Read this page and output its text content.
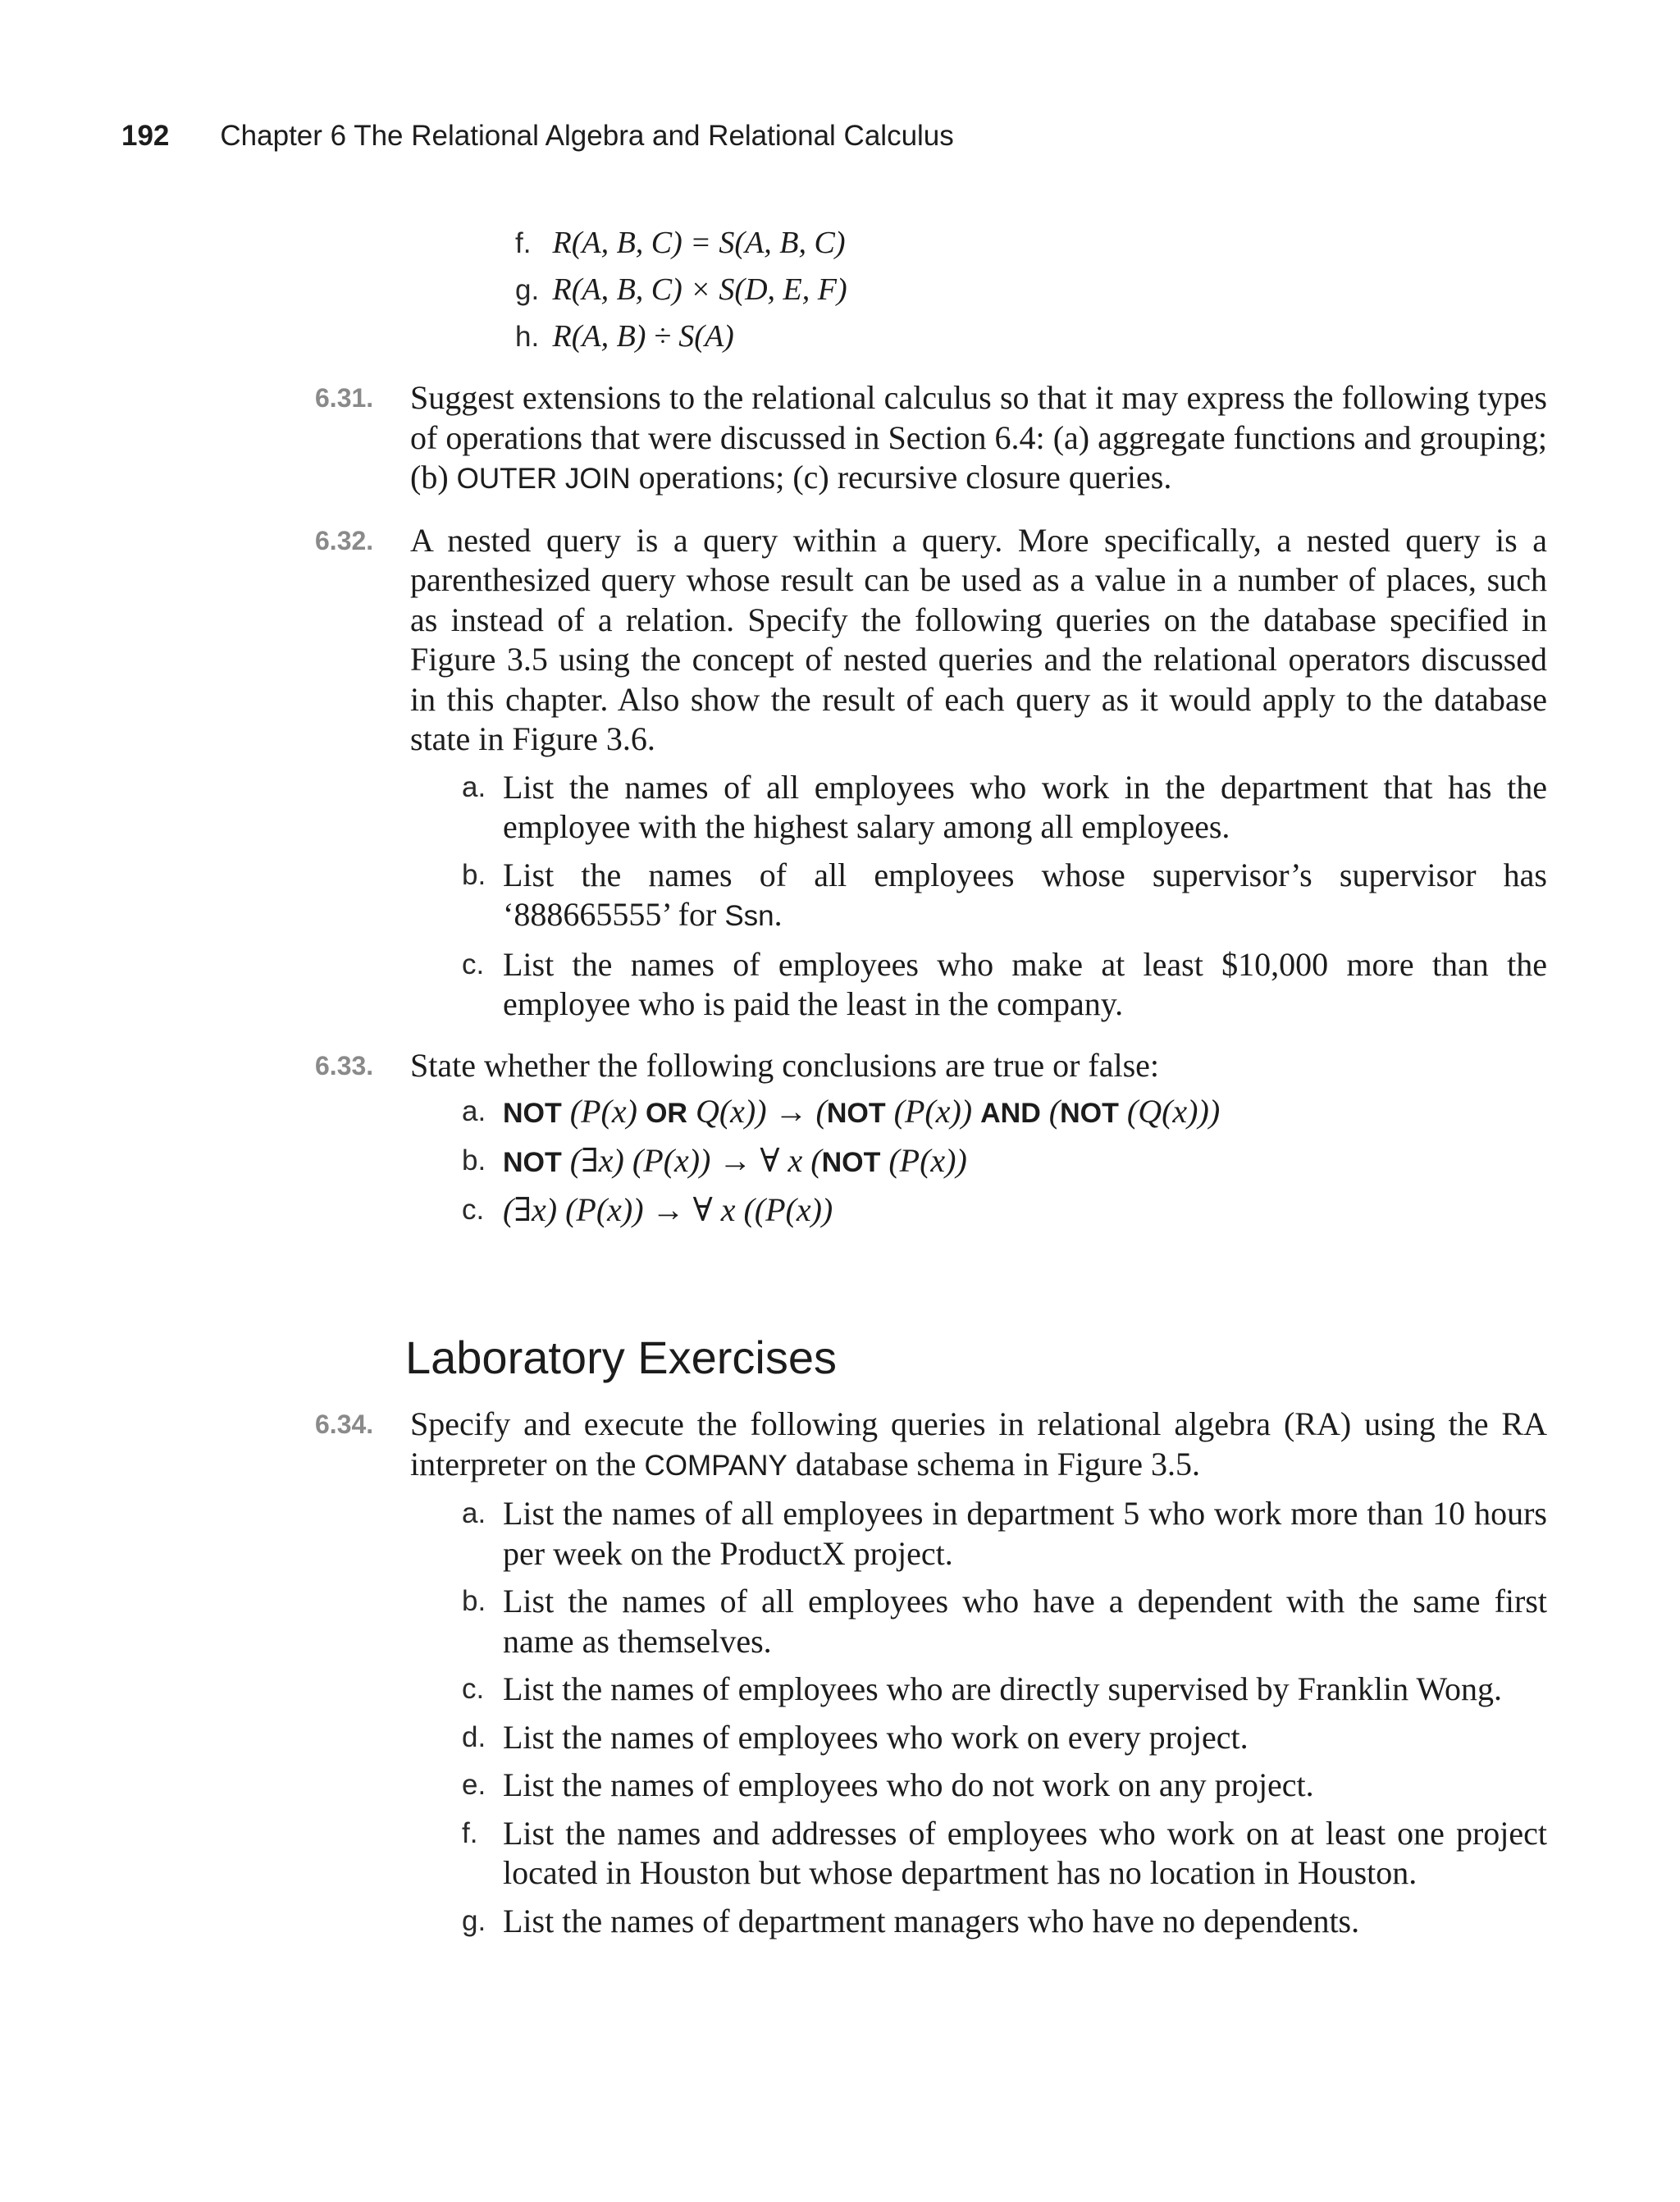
192 Chapter 6 The Relational Algebra and Relational Calculus

f. R(A, B, C) = S(A, B, C)

g. R(A, B, C) × S(D, E, F)

h. R(A, B) ÷ S(A)

6.31. Suggest extensions to the relational calculus so that it may express the following types of operations that were discussed in Section 6.4: (a) aggregate functions and grouping; (b) OUTER JOIN operations; (c) recursive closure queries.
6.32. A nested query is a query within a query. More specifically, a nested query is a parenthesized query whose result can be used as a value in a number of places, such as instead of a relation. Specify the following queries on the database specified in Figure 3.5 using the concept of nested queries and the relational operators discussed in this chapter. Also show the result of each query as it would apply to the database state in Figure 3.6.
a. List the names of all employees who work in the department that has the employee with the highest salary among all employees.
b. List the names of all employees whose supervisor’s supervisor has ‘888665555’ for Ssn.
c. List the names of employees who make at least $10,000 more than the employee who is paid the least in the company.
6.33. State whether the following conclusions are true or false:
a. NOT (P(x) OR Q(x)) → (NOT (P(x)) AND (NOT (Q(x)))
b. NOT (∃x) (P(x)) → ∀ x (NOT (P(x))
c. (∃x) (P(x)) → ∀ x ((P(x))
Laboratory Exercises
6.34. Specify and execute the following queries in relational algebra (RA) using the RA interpreter on the COMPANY database schema in Figure 3.5.
a. List the names of all employees in department 5 who work more than 10 hours per week on the ProductX project.
b. List the names of all employees who have a dependent with the same first name as themselves.
c. List the names of employees who are directly supervised by Franklin Wong.
d. List the names of employees who work on every project.
e. List the names of employees who do not work on any project.
f. List the names and addresses of employees who work on at least one project located in Houston but whose department has no location in Houston.
g. List the names of department managers who have no dependents.
